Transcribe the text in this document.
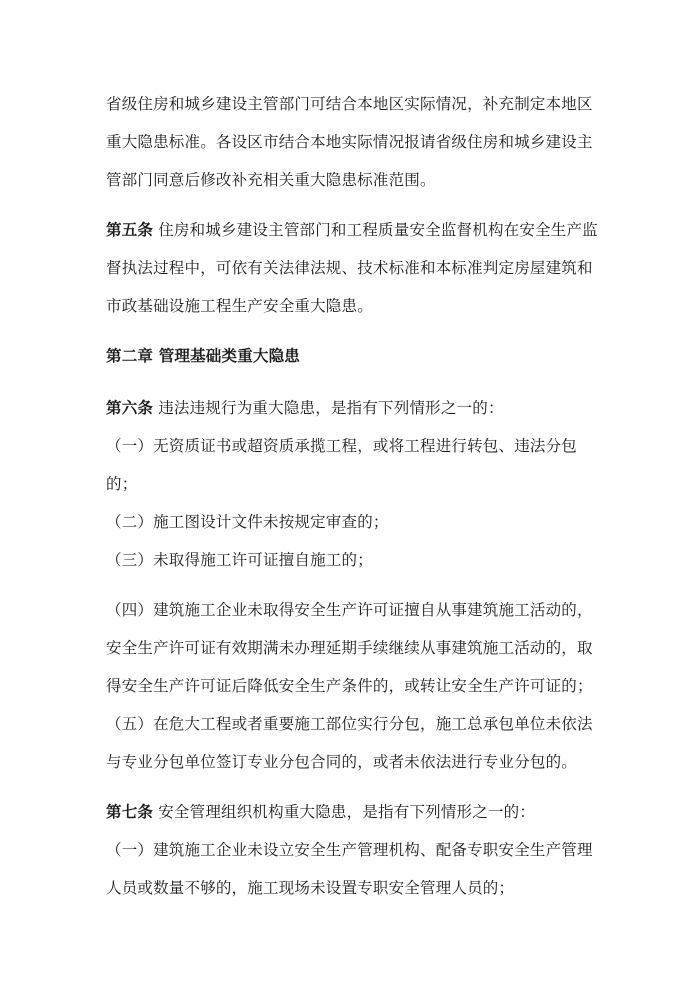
省级住房和城乡建设主管部门可结合本地区实际情况，补充制定本地区
重大隐患标准。各设区市结合本地实际情况报请省级住房和城乡建设主
管部门同意后修改补充相关重大隐患标准范围。
第五条 住房和城乡建设主管部门和工程质量安全监督机构在安全生产监
督执法过程中，可依有关法律法规、技术标准和本标准判定房屋建筑和
市政基础设施工程生产安全重大隐患。
第二章 管理基础类重大隐患
第六条 违法违规行为重大隐患，是指有下列情形之一的：
（一）无资质证书或超资质承揽工程，或将工程进行转包、违法分包
的；
（二）施工图设计文件未按规定审查的；
（三）未取得施工许可证擅自施工的；
（四）建筑施工企业未取得安全生产许可证擅自从事建筑施工活动的，
安全生产许可证有效期满未办理延期手续继续从事建筑施工活动的，取
得安全生产许可证后降低安全生产条件的，或转让安全生产许可证的；
（五）在危大工程或者重要施工部位实行分包，施工总承包单位未依法
与专业分包单位签订专业分包合同的，或者未依法进行专业分包的。
第七条 安全管理组织机构重大隐患，是指有下列情形之一的：
（一）建筑施工企业未设立安全生产管理机构、配备专职安全生产管理
人员或数量不够的，施工现场未设置专职安全管理人员的；
